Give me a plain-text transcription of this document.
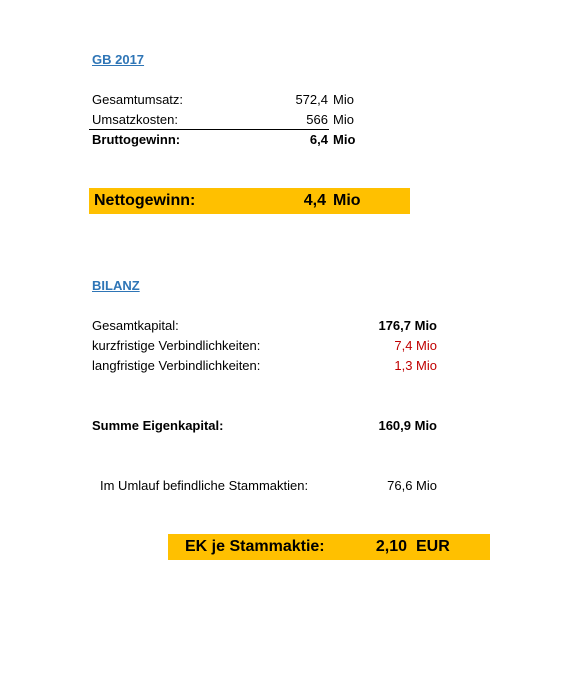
GB 2017
Gesamtumsatz:	572,4 Mio
Umsatzkosten:	566 Mio
Bruttogewinn:	6,4 Mio
Nettogewinn:	4,4 Mio
BILANZ
Gesamtkapital:	176,7 Mio
kurzfristige Verbindlichkeiten:	7,4 Mio
langfristige Verbindlichkeiten:	1,3 Mio
Summe Eigenkapital:	160,9 Mio
Im Umlauf befindliche Stammaktien:	76,6 Mio
EK je Stammaktie:	2,10 EUR
